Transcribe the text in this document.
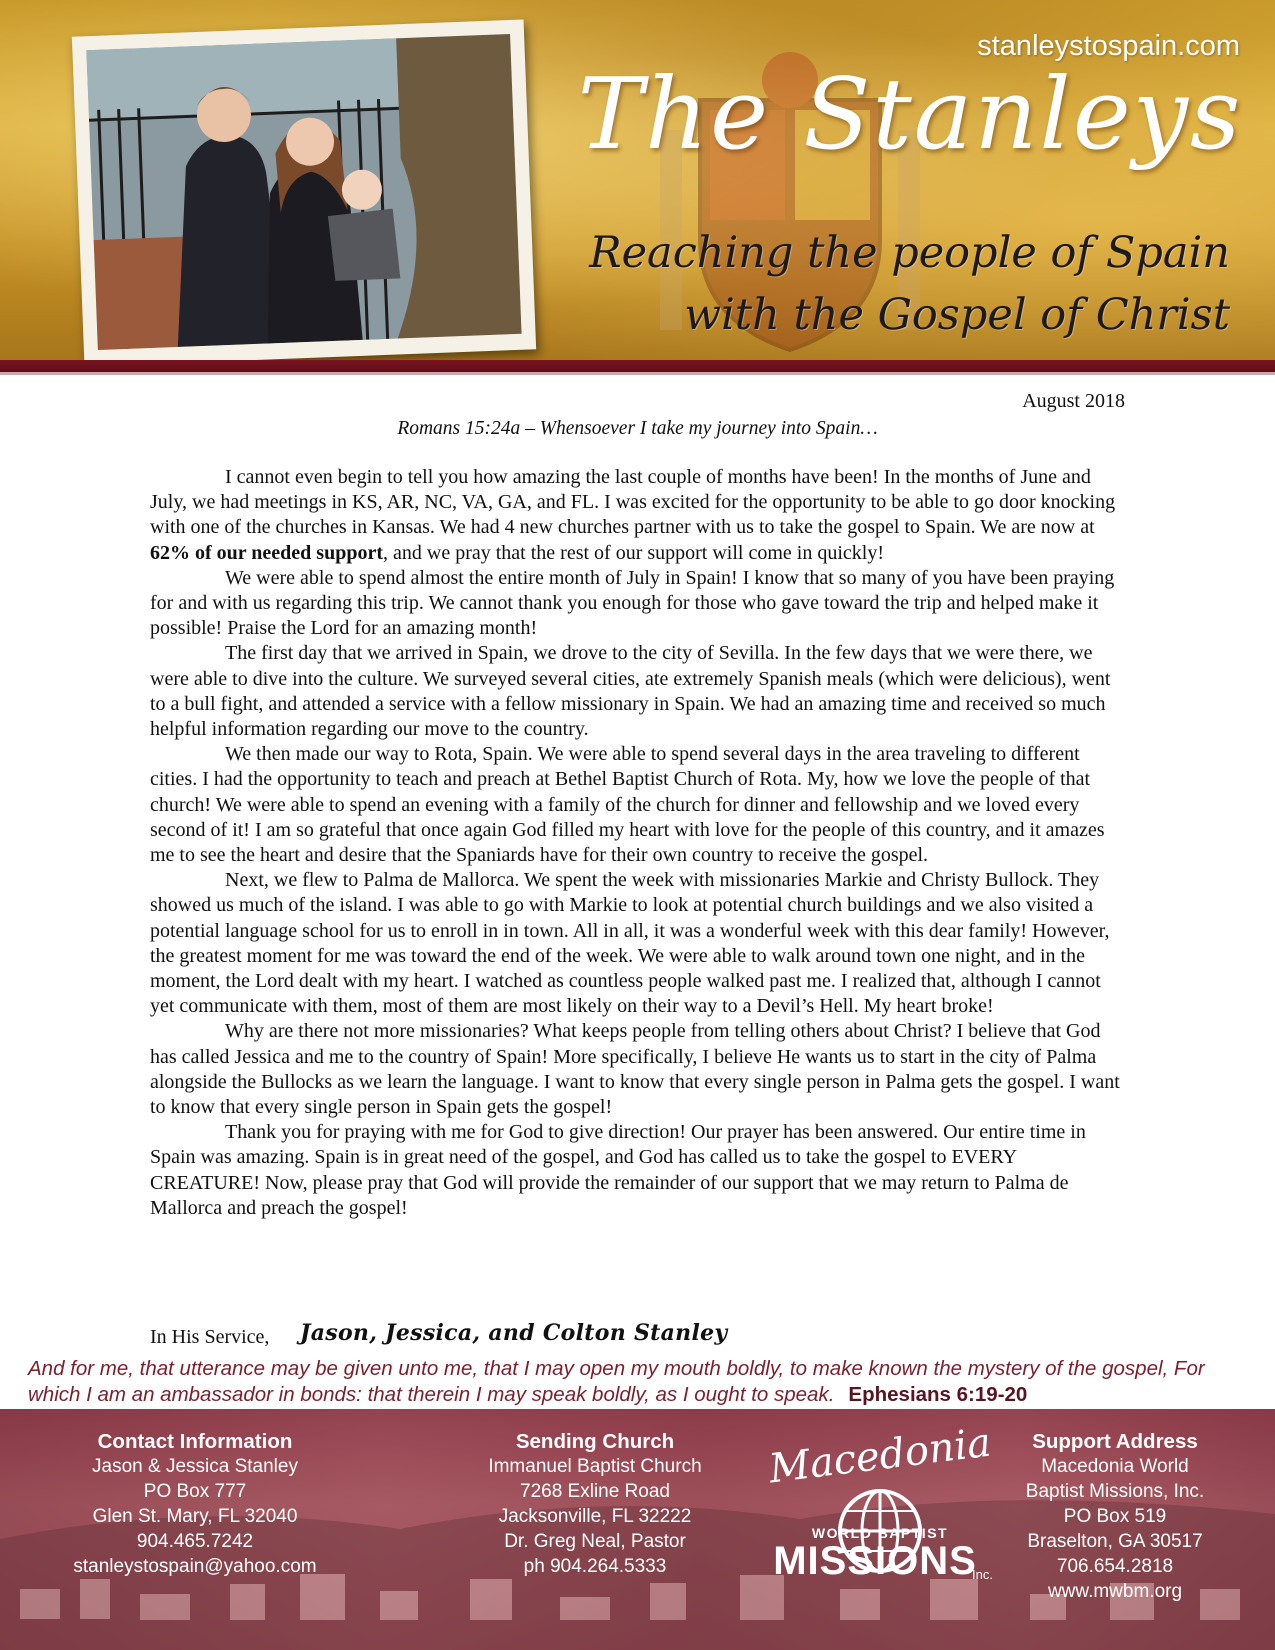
stanleystospain.com
The Stanleys
Reaching the people of Spain
with the Gospel of Christ
August 2018
Romans 15:24a – Whensoever I take my journey into Spain…

I cannot even begin to tell you how amazing the last couple of months have been! In the months of June and July, we had meetings in KS, AR, NC, VA, GA, and FL. I was excited for the opportunity to be able to go door knocking with one of the churches in Kansas. We had 4 new churches partner with us to take the gospel to Spain. We are now at 62% of our needed support, and we pray that the rest of our support will come in quickly!

We were able to spend almost the entire month of July in Spain! I know that so many of you have been praying for and with us regarding this trip. We cannot thank you enough for those who gave toward the trip and helped make it possible! Praise the Lord for an amazing month!

The first day that we arrived in Spain, we drove to the city of Sevilla. In the few days that we were there, we were able to dive into the culture. We surveyed several cities, ate extremely Spanish meals (which were delicious), went to a bull fight, and attended a service with a fellow missionary in Spain. We had an amazing time and received so much helpful information regarding our move to the country.

We then made our way to Rota, Spain. We were able to spend several days in the area traveling to different cities. I had the opportunity to teach and preach at Bethel Baptist Church of Rota. My, how we love the people of that church! We were able to spend an evening with a family of the church for dinner and fellowship and we loved every second of it! I am so grateful that once again God filled my heart with love for the people of this country, and it amazes me to see the heart and desire that the Spaniards have for their own country to receive the gospel.

Next, we flew to Palma de Mallorca. We spent the week with missionaries Markie and Christy Bullock. They showed us much of the island. I was able to go with Markie to look at potential church buildings and we also visited a potential language school for us to enroll in in town. All in all, it was a wonderful week with this dear family! However, the greatest moment for me was toward the end of the week. We were able to walk around town one night, and in the moment, the Lord dealt with my heart. I watched as countless people walked past me. I realized that, although I cannot yet communicate with them, most of them are most likely on their way to a Devil’s Hell. My heart broke!

Why are there not more missionaries? What keeps people from telling others about Christ? I believe that God has called Jessica and me to the country of Spain! More specifically, I believe He wants us to start in the city of Palma alongside the Bullocks as we learn the language. I want to know that every single person in Palma gets the gospel. I want to know that every single person in Spain gets the gospel!

Thank you for praying with me for God to give direction! Our prayer has been answered. Our entire time in Spain was amazing. Spain is in great need of the gospel, and God has called us to take the gospel to EVERY CREATURE! Now, please pray that God will provide the remainder of our support that we may return to Palma de Mallorca and preach the gospel!

In His Service, Jason, Jessica, and Colton Stanley
And for me, that utterance may be given unto me, that I may open my mouth boldly, to make known the mystery of the gospel, For which I am an ambassador in bonds: that therein I may speak boldly, as I ought to speak. Ephesians 6:19-20
Contact Information
Jason & Jessica Stanley
PO Box 777
Glen St. Mary, FL 32040
904.465.7242
stanleystospain@yahoo.com
Sending Church
Immanuel Baptist Church
7268 Exline Road
Jacksonville, FL 32222
Dr. Greg Neal, Pastor
ph 904.264.5333
Macedonia
WORLD BAPTIST
MISSIONS
Inc.
Support Address
Macedonia World
Baptist Missions, Inc.
PO Box 519
Braselton, GA 30517
706.654.2818
www.mwbm.org
